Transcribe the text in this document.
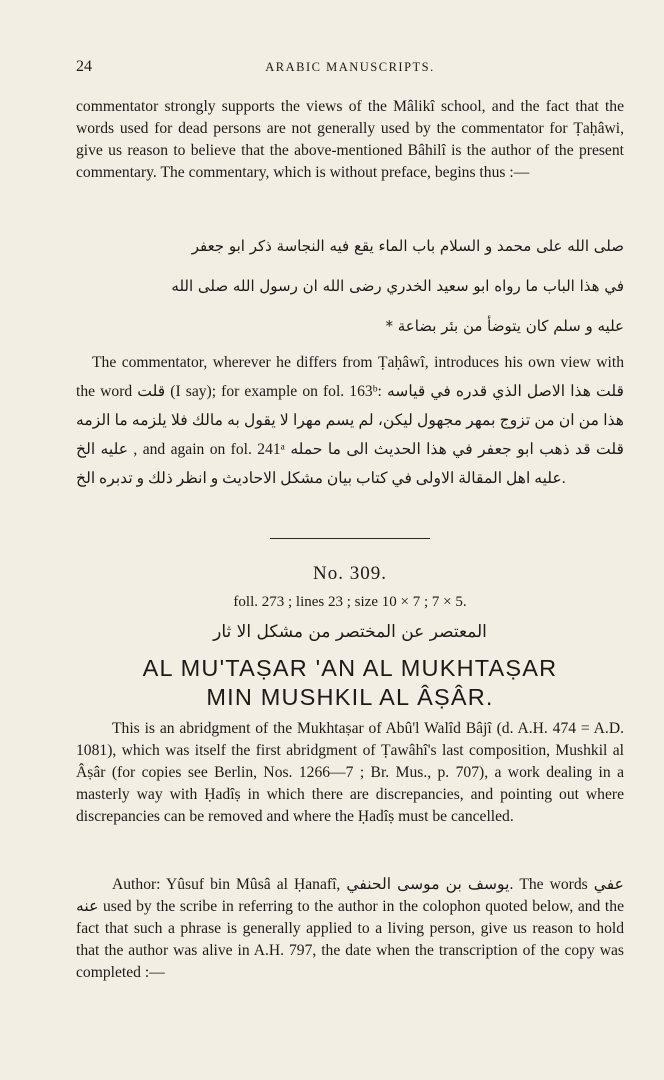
24	ARABIC MANUSCRIPTS.
commentator strongly supports the views of the Mâlikî school, and the fact that the words used for dead persons are not generally used by the commentator for Ṭaḥâwi, give us reason to believe that the above-mentioned Bâhilî is the author of the present commentary. The commentary, which is without preface, begins thus :—
صلى الله على محمد و السلام باب الماء يقع فيه النجاسة ذكر ابو جعفر
في هذا الباب ما رواه ابو سعيد الخدري رضى الله ان رسول الله صلى الله
عليه و سلم كان يتوضأ من بئر بضاعة *
The commentator, wherever he differs from Ṭaḥâwî, introduces his own view with the word قلت (I say); for example on fol. 163ᵇ: قلت هذا الاصل الذي قدره في قياسه هذا من ان من تزوج بمهر مجهول ليكن، لم يسم مهرا لا يقول به مالك فلا يلزمه ما الزمه عليه الخ , and again on fol. 241ᵃ قلت قد ذهب ابو جعفر في هذا الحديث الى ما حمله عليه اهل المقالة الاولى في كتاب بيان مشكل الاحاديث و انظر ذلك و تدبره الخ.
No. 309.
foll. 273 ; lines 23 ; size 10 × 7 ; 7 × 5.
المعتصر عن المختصر من مشكل الا ثار
AL MU'TAṢAR 'AN AL MUKHTAṢAR
MIN MUSHKIL AL ÂṢÂR.
This is an abridgment of the Mukhtaṣar of Abû'l Walîd Bâjî (d. A.H. 474 = A.D. 1081), which was itself the first abridgment of Ṭawâhî's last composition, Mushkil al Âṣâr (for copies see Berlin, Nos. 1266—7 ; Br. Mus., p. 707), a work dealing in a masterly way with Ḥadîṣ in which there are discrepancies, and pointing out where discrepancies can be removed and where the Ḥadîṣ must be cancelled.
Author: Yûsuf bin Mûsâ al Ḥanafî, يوسف بن موسى الحنفي. The words عفي عنه used by the scribe in referring to the author in the colophon quoted below, and the fact that such a phrase is generally applied to a living person, give us reason to hold that the author was alive in A.H. 797, the date when the transcription of the copy was completed :—
